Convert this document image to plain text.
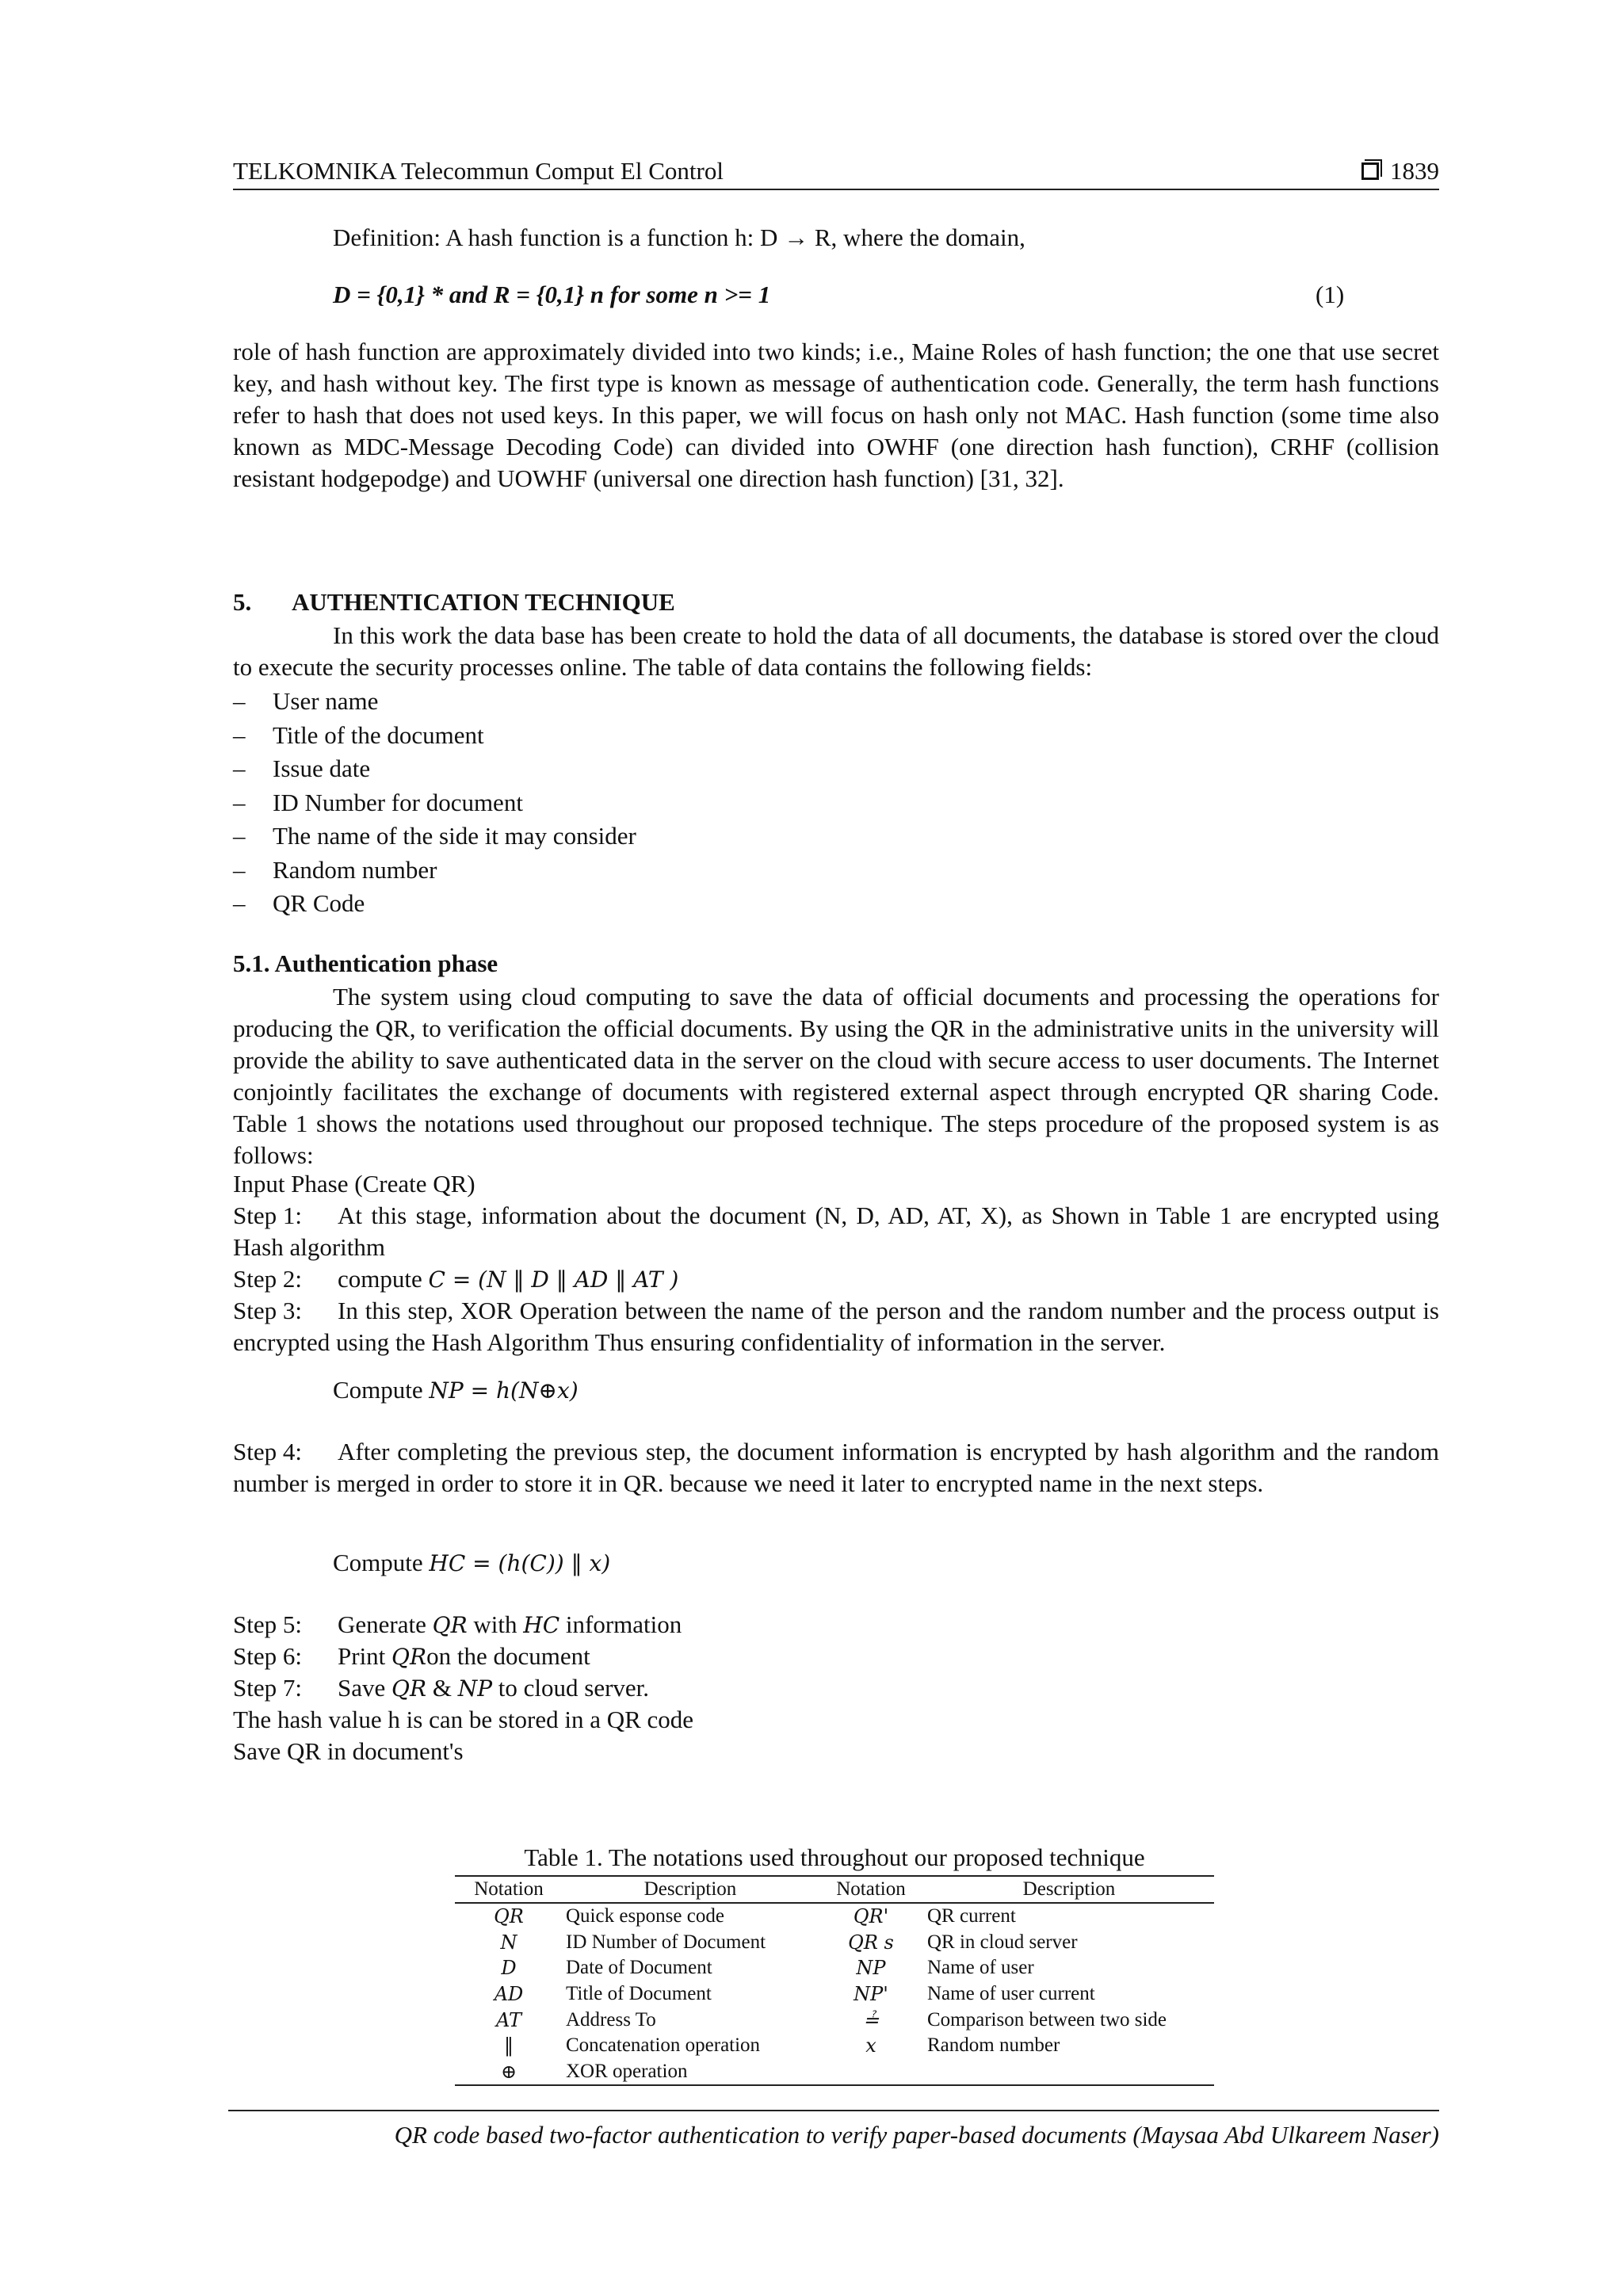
TELKOMNIKA Telecommun Comput El Control	1839
Definition: A hash function is a function h: D → R, where the domain,
D = {0,1} * and R = {0,1} n for some n >= 1	(1)

role of hash function are approximately divided into two kinds; i.e., Maine Roles of hash function; the one that use secret key, and hash without key. The first type is known as message of authentication code. Generally, the term hash functions refer to hash that does not used keys. In this paper, we will focus on hash only not MAC. Hash function (some time also known as MDC-Message Decoding Code) can divided into OWHF (one direction hash function), CRHF (collision resistant hodgepodge) and UOWHF (universal one direction hash function) [31, 32].

5. AUTHENTICATION TECHNIQUE

In this work the data base has been create to hold the data of all documents, the database is stored over the cloud to execute the security processes online. The table of data contains the following fields:

–	User name
–	Title of the document
–	Issue date
–	ID Number for document
–	The name of the side it may consider
–	Random number
–	QR Code
5.1. Authentication phase

The system using cloud computing to save the data of official documents and processing the operations for producing the QR, to verification the official documents. By using the QR in the administrative units in the university will provide the ability to save authenticated data in the server on the cloud with secure access to user documents. The Internet conjointly facilitates the exchange of documents with registered external aspect through encrypted QR sharing Code. Table 1 shows the notations used throughout our proposed technique. The steps procedure of the proposed system is as follows:

Input Phase (Create QR)
Step 1: At this stage, information about the document (N, D, AD, AT, X), as Shown in Table 1 are encrypted using Hash algorithm
Step 2: compute C = (N ‖ D ‖ AD ‖ AT )
Step 3: In this step, XOR Operation between the name of the person and the random number and the process output is encrypted using the Hash Algorithm Thus ensuring confidentiality of information in the server.
Compute NP = h(N⊕x)
Step 4: After completing the previous step, the document information is encrypted by hash algorithm and the random number is merged in order to store it in QR. because we need it later to encrypted name in the next steps.
Compute HC = (h(C)) ‖ x)
Step 5: Generate QR with HC information
Step 6: Print QRon the document
Step 7: Save QR & NP to cloud server.
The hash value h is can be stored in a QR code
Save QR in document's
Table 1. The notations used throughout our proposed technique
Notation	Description	Notation	Description
QR	Quick esponse code	QR'	QR current
N	ID Number of Document	QR s	QR in cloud server
D	Date of Document	NP	Name of user
AD	Title of Document	NP'	Name of user current
AT	Address To	≟	Comparison between two side
‖	Concatenation operation	x	Random number
⊕	XOR operation		
QR code based two-factor authentication to verify paper-based documents (Maysaa Abd Ulkareem Naser)
